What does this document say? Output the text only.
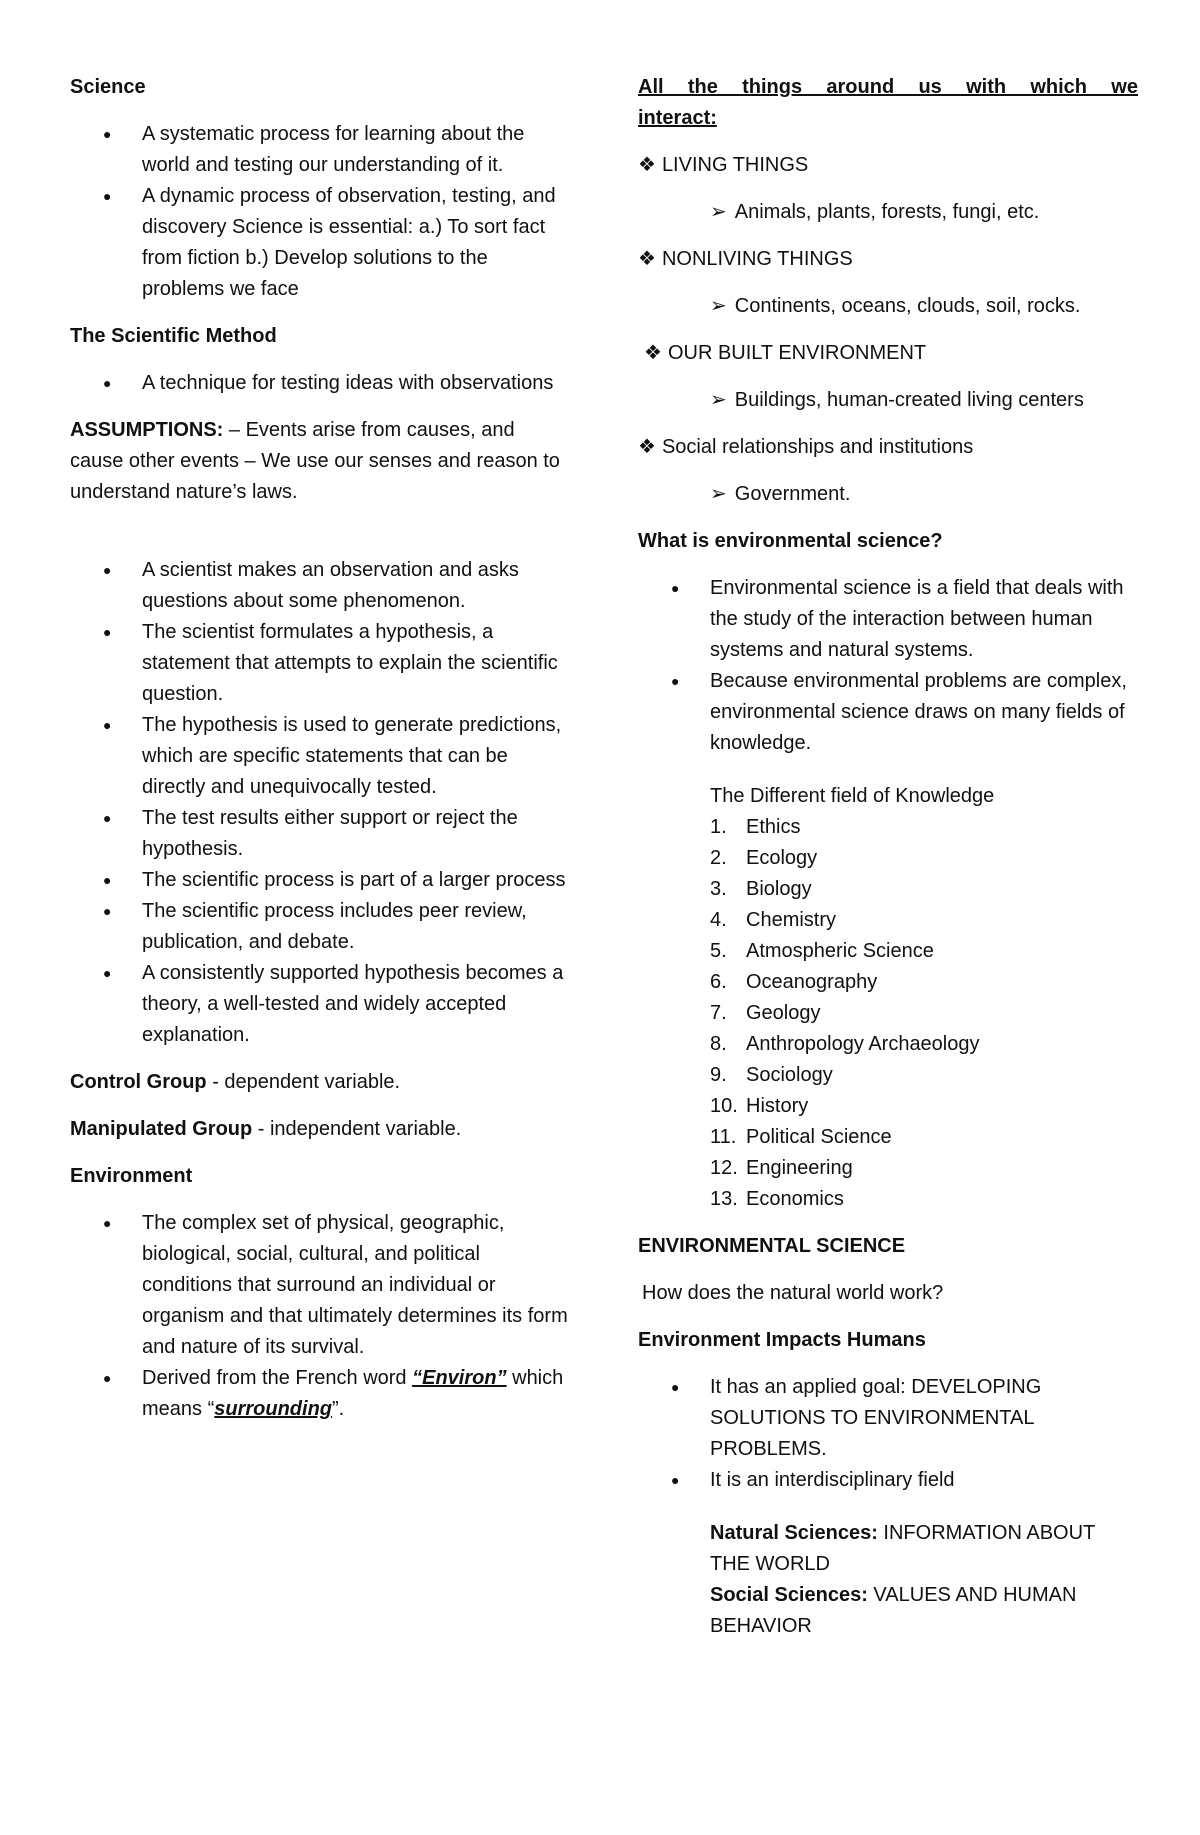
Science
● A systematic process for learning about the world and testing our understanding of it.
● A dynamic process of observation, testing, and discovery Science is essential: a.) To sort fact from fiction b.) Develop solutions to the problems we face
The Scientific Method
● A technique for testing ideas with observations
ASSUMPTIONS: – Events arise from causes, and cause other events – We use our senses and reason to understand nature’s laws.
● A scientist makes an observation and asks questions about some phenomenon.
● The scientist formulates a hypothesis, a statement that attempts to explain the scientific question.
● The hypothesis is used to generate predictions, which are specific statements that can be directly and unequivocally tested.
● The test results either support or reject the hypothesis.
● The scientific process is part of a larger process
● The scientific process includes peer review, publication, and debate.
● A consistently supported hypothesis becomes a theory, a well-tested and widely accepted explanation.
Control Group - dependent variable.
Manipulated Group - independent variable.
Environment
● The complex set of physical, geographic, biological, social, cultural, and political conditions that surround an individual or organism and that ultimately determines its form and nature of its survival.
● Derived from the French word “Environ” which means “surrounding”.
All the things around us with which we
interact:
❖ LIVING THINGS
➢ Animals, plants, forests, fungi, etc.
❖ NONLIVING THINGS
➢ Continents, oceans, clouds, soil, rocks.
❖ OUR BUILT ENVIRONMENT
➢ Buildings, human-created living centers
❖ Social relationships and institutions
➢ Government.
What is environmental science?
● Environmental science is a field that deals with the study of the interaction between human systems and natural systems.
● Because environmental problems are complex, environmental science draws on many fields of knowledge.
The Different field of Knowledge
1. Ethics
2. Ecology
3. Biology
4. Chemistry
5. Atmospheric Science
6. Oceanography
7. Geology
8. Anthropology Archaeology
9. Sociology
10. History
11. Political Science
12. Engineering
13. Economics
ENVIRONMENTAL SCIENCE
How does the natural world work?
Environment Impacts Humans
● It has an applied goal: DEVELOPING SOLUTIONS TO ENVIRONMENTAL PROBLEMS.
● It is an interdisciplinary field
Natural Sciences: INFORMATION ABOUT THE WORLD
Social Sciences: VALUES AND HUMAN BEHAVIOR
